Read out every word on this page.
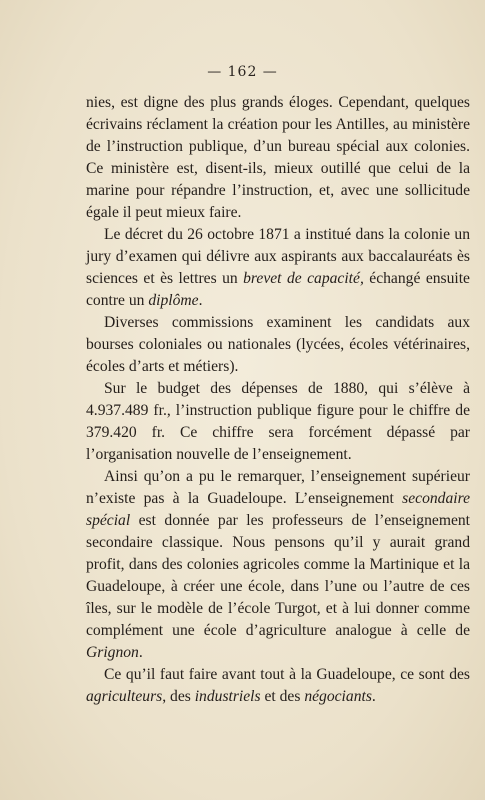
— 162 —

nies, est digne des plus grands éloges. Cependant, quelques écrivains réclament la création pour les Antilles, au ministère de l’instruction publique, d’un bureau spécial aux colonies. Ce ministère est, disent-ils, mieux outillé que celui de la marine pour répandre l’instruction, et, avec une sollicitude égale il peut mieux faire.

Le décret du 26 octobre 1871 a institué dans la colonie un jury d’examen qui délivre aux aspirants aux baccalauréats ès sciences et ès lettres un brevet de capacité, échangé ensuite contre un diplôme.

Diverses commissions examinent les candidats aux bourses coloniales ou nationales (lycées, écoles vétérinaires, écoles d’arts et métiers).

Sur le budget des dépenses de 1880, qui s’élève à 4.937.489 fr., l’instruction publique figure pour le chiffre de 379.420 fr. Ce chiffre sera forcément dépassé par l’organisation nouvelle de l’enseignement.

Ainsi qu’on a pu le remarquer, l’enseignement supérieur n’existe pas à la Guadeloupe. L’enseignement secondaire spécial est donnée par les professeurs de l’enseignement secondaire classique. Nous pensons qu’il y aurait grand profit, dans des colonies agricoles comme la Martinique et la Guadeloupe, à créer une école, dans l’une ou l’autre de ces îles, sur le modèle de l’école Turgot, et à lui donner comme complément une école d’agriculture analogue à celle de Grignon.

Ce qu’il faut faire avant tout à la Guadeloupe, ce sont des agriculteurs, des industriels et des négociants.
